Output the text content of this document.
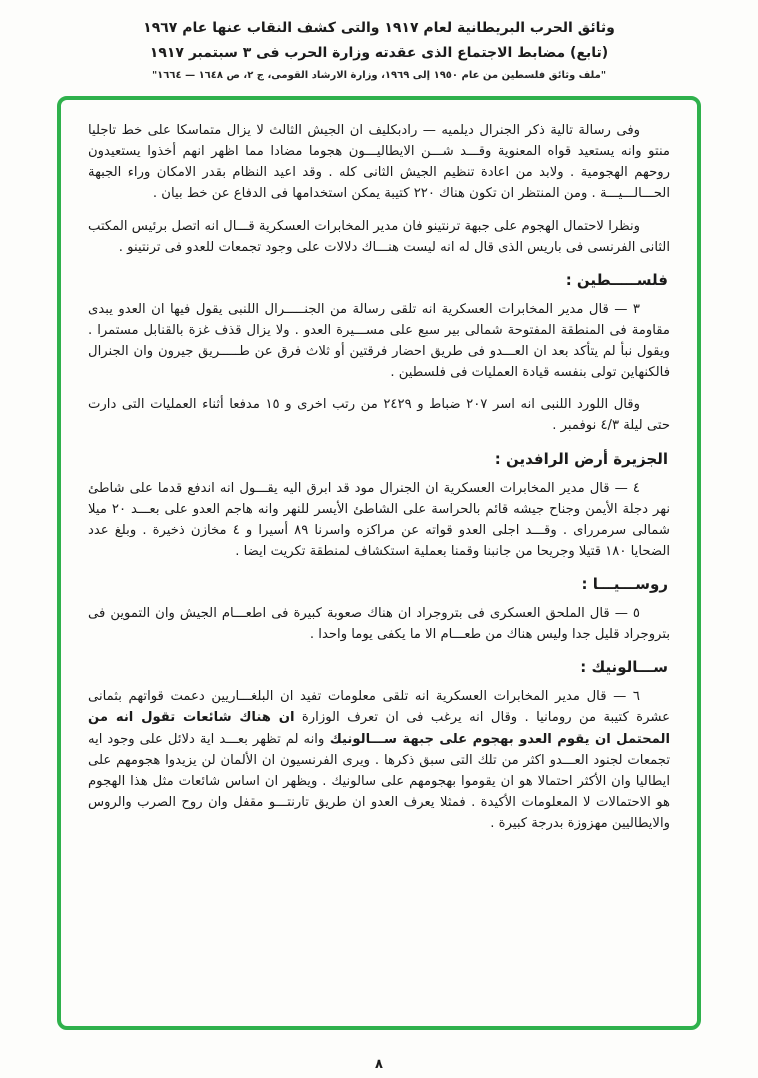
وثائق الحرب البريطانية لعام ١٩١٧ والتى كشف النقاب عنها عام ١٩٦٧
(تابع) مضابط الاجتماع الذى عقدته وزارة الحرب فى ٣ سبتمبر ١٩١٧
"ملف وثائق فلسطين من عام ١٩٥٠ إلى ١٩٦٩، وزارة الارشاد القومى، ج ٢، ص ١٦٤٨ — ١٦٦٤"

وفى رسالة تالية ذكر الجنرال ديلميه — رادبكليف ان الجيش الثالث لا يزال متماسكا على خط تاجليا منتو وانه يستعيد قواه المعنوية وقـــد شـــن الايطاليـــون هجوما مضادا مما اظهر انهم أخذوا يستعيدون روحهم الهجومية . ولابد من اعادة تنظيم الجيش الثانى كله . وقد اعيد النظام بقدر الامكان وراء الجبهة الحـــالـــيـــة . ومن المنتظر ان تكون هناك ٢٢٠ كتيبة يمكن استخدامها فى الدفاع عن خط بيان .

ونظرا لاحتمال الهجوم على جبهة ترنتينو فان مدير المخابرات العسكرية قـــال انه اتصل برئيس المكتب الثانى الفرنسى فى باريس الذى قال له انه ليست هنـــاك دلالات على وجود تجمعات للعدو فى ترنتينو .

فلســـــطين :

٣ — قال مدير المخابرات العسكرية انه تلقى رسالة من الجنـــــرال اللنبى يقول فيها ان العدو يبدى مقاومة فى المنطقة المفتوحة شمالى بير سبع على مســـيرة العدو . ولا يزال قذف غزة بالقنابل مستمرا . ويقول نبأ لم يتأكد بعد ان العـــدو فى طريق احضار فرقتين أو ثلاث فرق عن طـــــريق جيرون وان الجنرال فالكنهاين تولى بنفسه قيادة العمليات فى فلسطين .

وقال اللورد اللنبى انه اسر ٢٠٧ ضباط و ٢٤٢٩ من رتب اخرى و ١٥ مدفعا أثناء العمليات التى دارت حتى ليلة ٤/٣ نوفمبر .

الجزيرة أرض الرافدين :

٤ — قال مدير المخابرات العسكرية ان الجنرال مود قد ابرق اليه يقـــول انه اندفع قدما على شاطئ نهر دجلة الأيمن وجناح جيشه قائم بالحراسة على الشاطئ الأيسر للنهر وانه هاجم العدو على بعـــد ٢٠ ميلا شمالى سرمرراى . وقـــد اجلى العدو قواته عن مراكزه واسرنا ٨٩ أسيرا و ٤ مخازن ذخيرة . وبلغ عدد الضحايا ١٨٠ قتيلا وجريحا من جانبنا وقمنا بعملية استكشاف لمنطقة تكريت ايضا .

روســـيـــا :

٥ — قال الملحق العسكرى فى بتروجراد ان هناك صعوبة كبيرة فى اطعـــام الجيش وان التموين فى بتروجراد قليل جدا وليس هناك من طعـــام الا ما يكفى يوما واحدا .

ســـالونيك :

٦ — قال مدير المخابرات العسكرية انه تلقى معلومات تفيد ان البلغـــاريين دعمت قواتهم بثمانى عشرة كتيبة من رومانيا . وقال انه يرغب فى ان تعرف الوزارة ان هناك شائعات تقول انه من المحتمل ان يقوم العدو بهجوم على جبهة ســـالونيك وانه لم تظهر بعـــد اية دلائل على وجود ايه تجمعات لجنود العـــدو اكثر من تلك التى سبق ذكرها . ويرى الفرنسيون ان الألمان لن يزيدوا هجومهم على ايطاليا وان الأكثر احتمالا هو ان يقوموا بهجومهم على سالونيك . ويظهر ان اساس شائعات مثل هذا الهجوم هو الاحتمالات لا المعلومات الأكيدة . فمثلا يعرف العدو ان طريق تارنتـــو مقفل وان روح الصرب والروس والايطاليين مهزوزة بدرجة كبيرة .

٨
